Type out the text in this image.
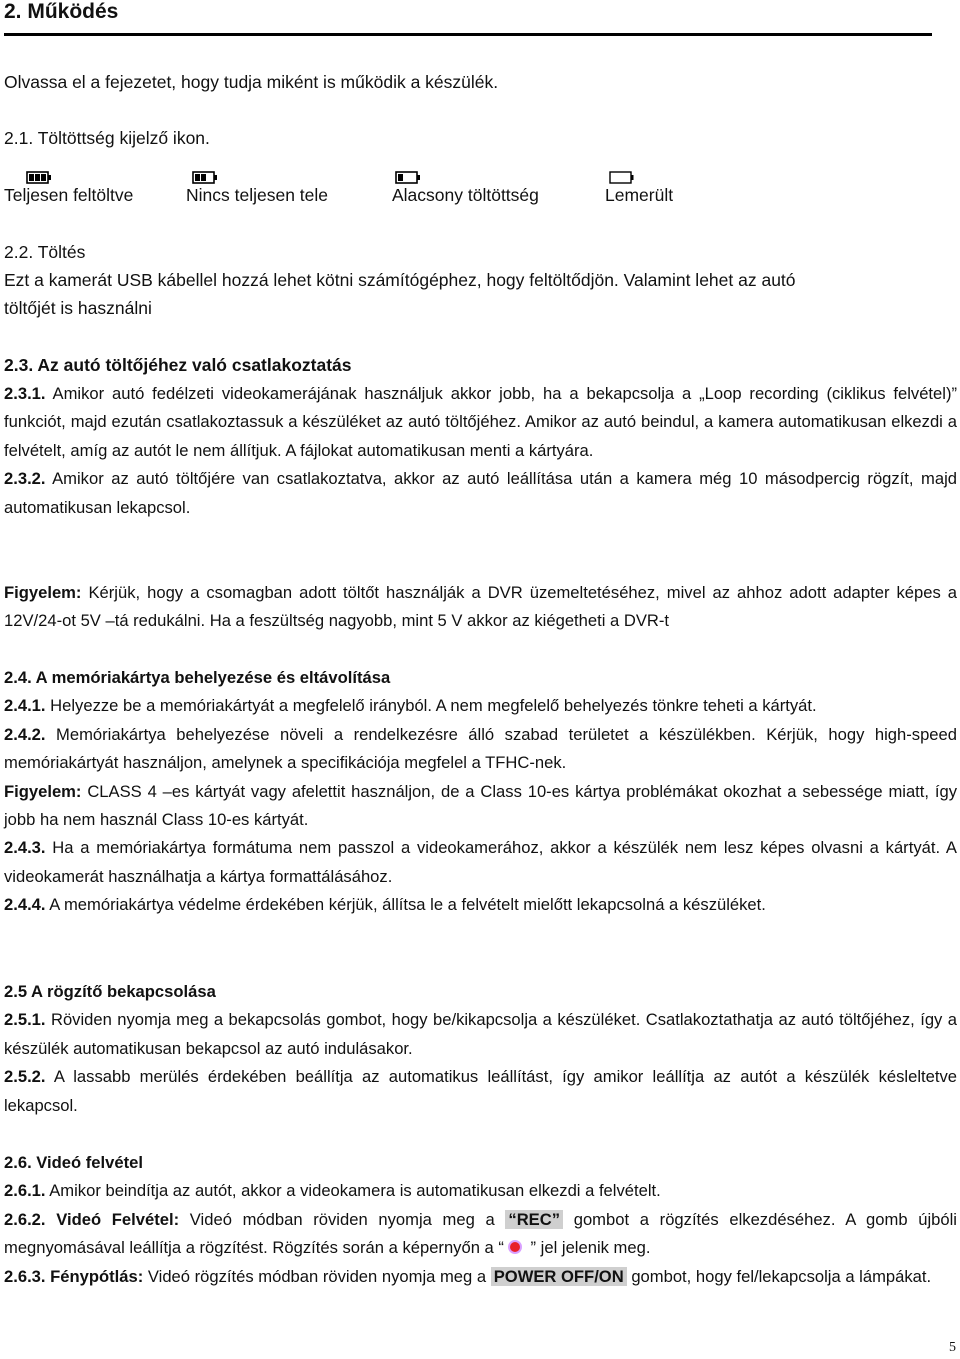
2. Működés
Olvassa el a fejezetet, hogy tudja miként is működik a készülék.
2.1. Töltöttség kijelző ikon.
Teljesen feltöltve	Nincs teljesen tele	Alacsony töltöttség	Lemerült
2.2. Töltés
Ezt a kamerát USB kábellel hozzá lehet kötni számítógéphez, hogy feltöltődjön. Valamint lehet az autó
töltőjét is használni
2.3. Az autó töltőjéhez való csatlakoztatás

2.3.1. Amikor autó fedélzeti videokamerájának használjuk akkor jobb, ha a bekapcsolja a „Loop recording (ciklikus felvétel)” funkciót, majd ezután csatlakoztassuk a készüléket az autó töltőjéhez. Amikor az autó beindul, a kamera automatikusan elkezdi a felvételt, amíg az autót le nem állítjuk. A fájlokat automatikusan menti a kártyára.

2.3.2. Amikor az autó töltőjére van csatlakoztatva, akkor az autó leállítása után a kamera még 10 másodpercig rögzít, majd automatikusan lekapcsol.

Figyelem: Kérjük, hogy a csomagban adott töltőt használják a DVR üzemeltetéséhez, mivel az ahhoz adott adapter képes a 12V/24-ot 5V –tá redukálni. Ha a feszültség nagyobb, mint 5 V akkor az kiégetheti a DVR-t

2.4. A memóriakártya behelyezése és eltávolítása

2.4.1. Helyezze be a memóriakártyát a megfelelő irányból. A nem megfelelő behelyezés tönkre teheti a kártyát.

2.4.2. Memóriakártya behelyezése növeli a rendelkezésre álló szabad területet a készülékben. Kérjük, hogy high-speed memóriakártyát használjon, amelynek a specifikációja megfelel a TFHC-nek.

Figyelem: CLASS 4 –es kártyát vagy afelettit használjon, de a Class 10-es kártya problémákat okozhat a sebessége miatt, így jobb ha nem használ Class 10-es kártyát.

2.4.3. Ha a memóriakártya formátuma nem passzol a videokamerához, akkor a készülék nem lesz képes olvasni a kártyát. A videokamerát használhatja a kártya formattálásához.

2.4.4. A memóriakártya védelme érdekében kérjük, állítsa le a felvételt mielőtt lekapcsolná a készüléket.

2.5 A rögzítő bekapcsolása

2.5.1. Röviden nyomja meg a bekapcsolás gombot, hogy be/kikapcsolja a készüléket. Csatlakoztathatja az autó töltőjéhez, így a készülék automatikusan bekapcsol az autó indulásakor.

2.5.2. A lassabb merülés érdekében beállítja az automatikus leállítást, így amikor leállítja az autót a készülék késleltetve lekapcsol.

2.6. Videó felvétel

2.6.1. Amikor beindítja az autót, akkor a videokamera is automatikusan elkezdi a felvételt.

2.6.2. Videó Felvétel: Videó módban röviden nyomja meg a “REC” gombot a rögzítés elkezdéséhez. A gomb újbóli megnyomásával leállítja a rögzítést. Rögzítés során a képernyőn a “ ” jel jelenik meg.

2.6.3. Fénypótlás: Videó rögzítés módban röviden nyomja meg a POWER OFF/ON gombot, hogy fel/lekapcsolja a lámpákat.

5
